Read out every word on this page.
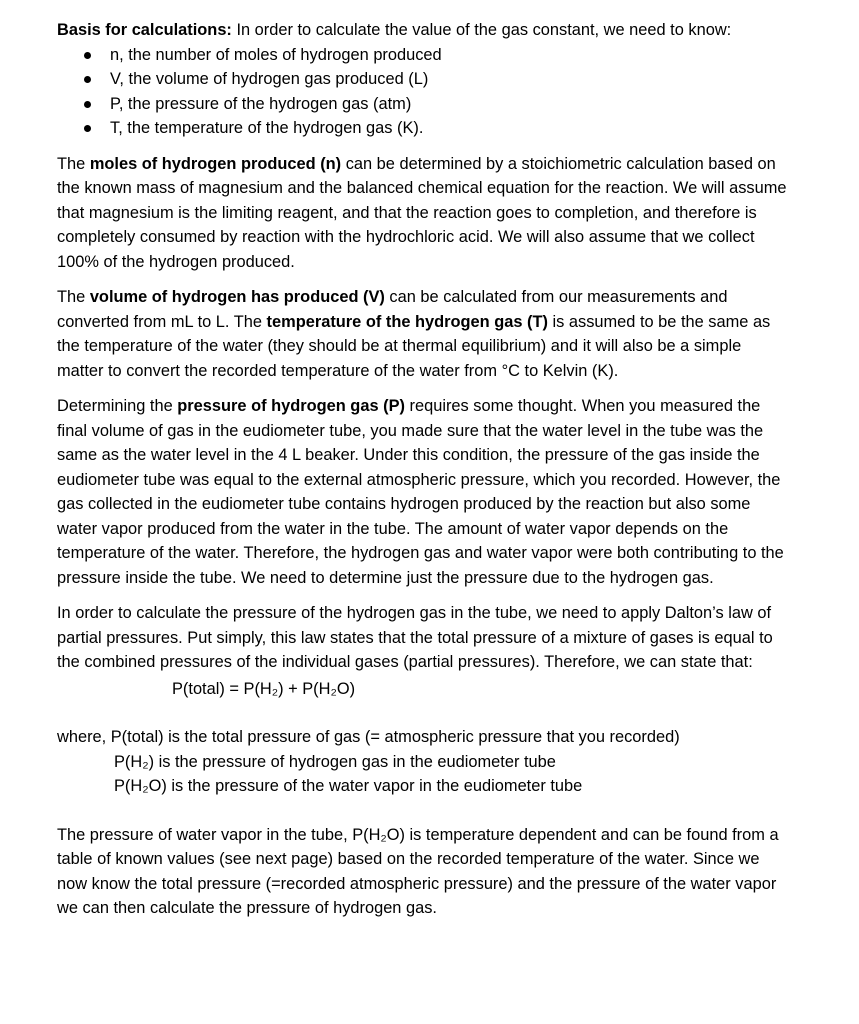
Basis for calculations: In order to calculate the value of the gas constant, we need to know:

n, the number of moles of hydrogen produced
V, the volume of hydrogen gas produced (L)
P, the pressure of the hydrogen gas (atm)
T, the temperature of the hydrogen gas (K).

The moles of hydrogen produced (n) can be determined by a stoichiometric calculation based on the known mass of magnesium and the balanced chemical equation for the reaction. We will assume that magnesium is the limiting reagent, and that the reaction goes to completion, and therefore is completely consumed by reaction with the hydrochloric acid. We will also assume that we collect 100% of the hydrogen produced.

The volume of hydrogen has produced (V) can be calculated from our measurements and converted from mL to L. The temperature of the hydrogen gas (T) is assumed to be the same as the temperature of the water (they should be at thermal equilibrium) and it will also be a simple matter to convert the recorded temperature of the water from °C to Kelvin (K).

Determining the pressure of hydrogen gas (P) requires some thought. When you measured the final volume of gas in the eudiometer tube, you made sure that the water level in the tube was the same as the water level in the 4 L beaker. Under this condition, the pressure of the gas inside the eudiometer tube was equal to the external atmospheric pressure, which you recorded. However, the gas collected in the eudiometer tube contains hydrogen produced by the reaction but also some water vapor produced from the water in the tube. The amount of water vapor depends on the temperature of the water. Therefore, the hydrogen gas and water vapor were both contributing to the pressure inside the tube. We need to determine just the pressure due to the hydrogen gas.

In order to calculate the pressure of the hydrogen gas in the tube, we need to apply Dalton’s law of partial pressures. Put simply, this law states that the total pressure of a mixture of gases is equal to the combined pressures of the individual gases (partial pressures). Therefore, we can state that:

P(total) = P(H₂) + P(H₂O)

where, P(total) is the total pressure of gas (= atmospheric pressure that you recorded)

P(H₂) is the pressure of hydrogen gas in the eudiometer tube

P(H₂O) is the pressure of the water vapor in the eudiometer tube

The pressure of water vapor in the tube, P(H₂O) is temperature dependent and can be found from a table of known values (see next page) based on the recorded temperature of the water. Since we now know the total pressure (=recorded atmospheric pressure) and the pressure of the water vapor we can then calculate the pressure of hydrogen gas.
